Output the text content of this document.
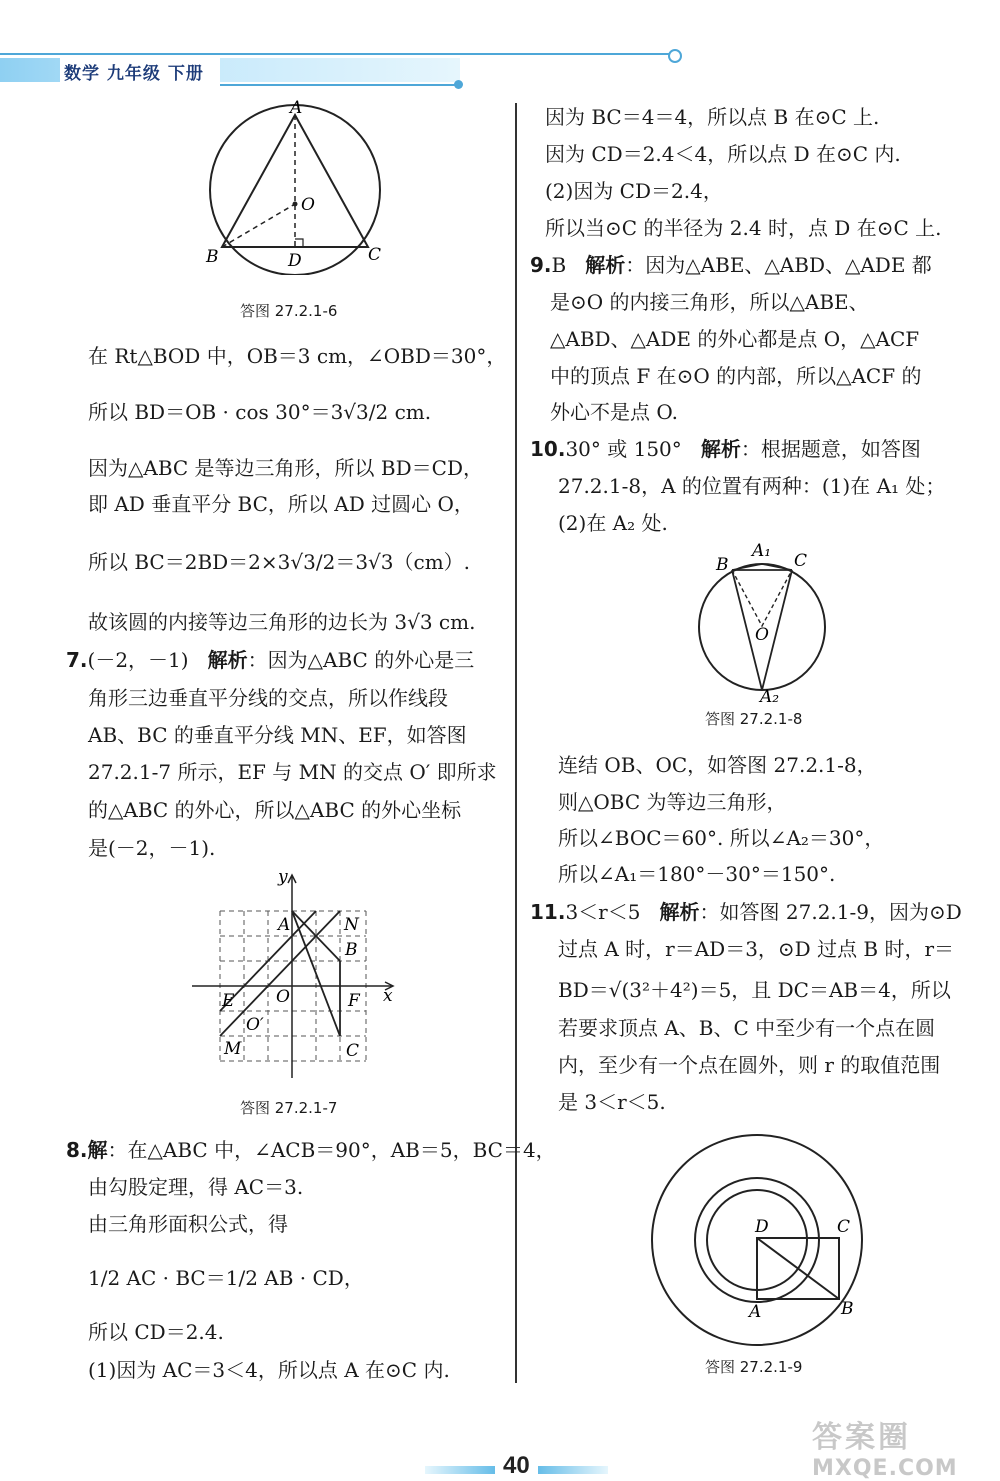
数学 九年级 下册
A
O
B	D	C
答图 27.2.1-6
在 Rt△BOD 中，OB＝3 cm，∠OBD＝30°，
所以 BD＝OB · cos 30°＝3√3/2 cm.
因为△ABC 是等边三角形，所以 BD＝CD，
即 AD 垂直平分 BC，所以 AD 过圆心 O，
所以 BC＝2BD＝2×3√3/2＝3√3（cm）.
故该圆的内接等边三角形的边长为 3√3 cm.
7.(－2，－1) 解析：因为△ABC 的外心是三
角形三边垂直平分线的交点，所以作线段
AB、BC 的垂直平分线 MN、EF，如答图
27.2.1-7 所示，EF 与 MN 的交点 O′ 即所求
的△ABC 的外心，所以△ABC 的外心坐标
是(－2，－1).
y
x
A	N
B
E O	F
O′
M	C
答图 27.2.1-7
8.解：在△ABC 中，∠ACB＝90°，AB＝5，BC＝4，
由勾股定理，得 AC＝3.
由三角形面积公式，得
1/2 AC · BC＝1/2 AB · CD，
所以 CD＝2.4.
(1)因为 AC＝3＜4，所以点 A 在⊙C 内.
因为 BC＝4＝4，所以点 B 在⊙C 上.
因为 CD＝2.4＜4，所以点 D 在⊙C 内.
(2)因为 CD＝2.4，
所以当⊙C 的半径为 2.4 时，点 D 在⊙C 上.
9.B 解析：因为△ABE、△ABD、△ADE 都
是⊙O 的内接三角形，所以△ABE、
△ABD、△ADE 的外心都是点 O，△ACF
中的顶点 F 在⊙O 的内部，所以△ACF 的
外心不是点 O.
10.30° 或 150° 解析：根据题意，如答图
27.2.1-8，A 的位置有两种：(1)在 A₁ 处；
(2)在 A₂ 处.
B
A₁ C
O
A₂
答图 27.2.1-8
连结 OB、OC，如答图 27.2.1-8，
则△OBC 为等边三角形，
所以∠BOC＝60°. 所以∠A₂＝30°，
所以∠A₁＝180°－30°＝150°.
11.3＜r＜5 解析：如答图 27.2.1-9，因为⊙D
过点 A 时，r＝AD＝3，⊙D 过点 B 时，r＝
BD＝√(3²＋4²)＝5，且 DC＝AB＝4，所以
若要求顶点 A、B、C 中至少有一个点在圆
内，至少有一个点在圆外，则 r 的取值范围
是 3＜r＜5.
D	C
A	B
答图 27.2.1-9
40
答案圈
MXQE.COM
